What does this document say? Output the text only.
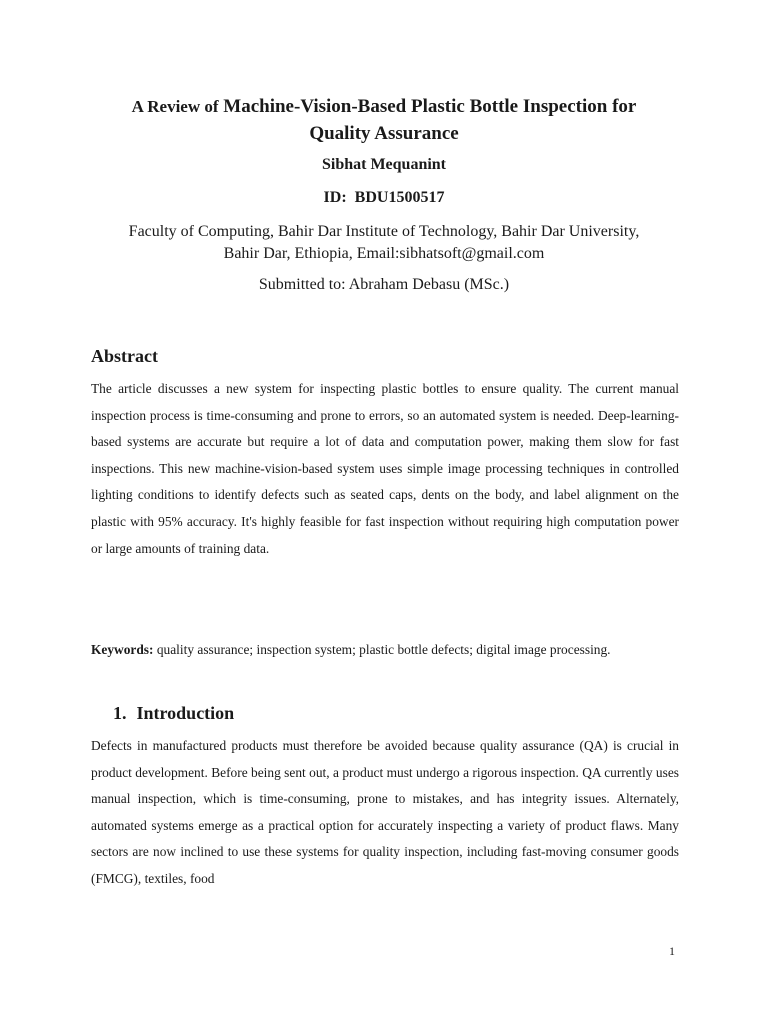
A Review of Machine-Vision-Based Plastic Bottle Inspection for
Quality Assurance
Sibhat Mequanint
ID: BDU1500517
Faculty of Computing, Bahir Dar Institute of Technology, Bahir Dar University,
Bahir Dar, Ethiopia, Email:sibhatsoft@gmail.com
Submitted to: Abraham Debasu (MSc.)
Abstract
The article discusses a new system for inspecting plastic bottles to ensure quality. The current manual inspection process is time-consuming and prone to errors, so an automated system is needed. Deep-learning-based systems are accurate but require a lot of data and computation power, making them slow for fast inspections. This new machine-vision-based system uses simple image processing techniques in controlled lighting conditions to identify defects such as seated caps, dents on the body, and label alignment on the plastic with 95% accuracy. It's highly feasible for fast inspection without requiring high computation power or large amounts of training data.
Keywords: quality assurance; inspection system; plastic bottle defects; digital image processing.
1. Introduction
Defects in manufactured products must therefore be avoided because quality assurance (QA) is crucial in product development. Before being sent out, a product must undergo a rigorous inspection. QA currently uses manual inspection, which is time-consuming, prone to mistakes, and has integrity issues. Alternately, automated systems emerge as a practical option for accurately inspecting a variety of product flaws. Many sectors are now inclined to use these systems for quality inspection, including fast-moving consumer goods (FMCG), textiles, food
1
